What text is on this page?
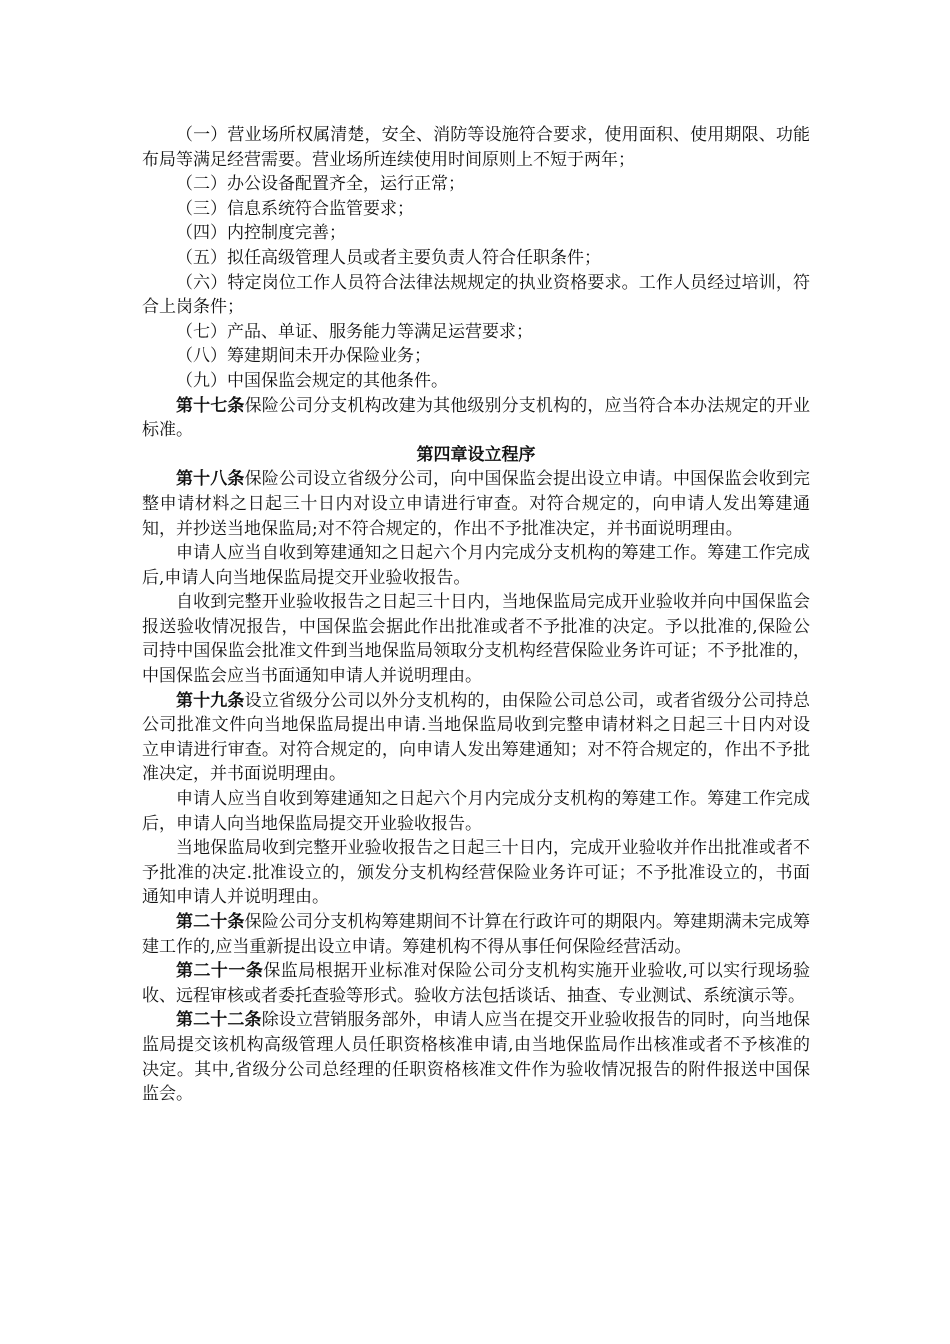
（一）营业场所权属清楚，安全、消防等设施符合要求，使用面积、使用期限、功能布局等满足经营需要。营业场所连续使用时间原则上不短于两年；

（二）办公设备配置齐全，运行正常；

（三）信息系统符合监管要求；

（四）内控制度完善；

（五）拟任高级管理人员或者主要负责人符合任职条件；

（六）特定岗位工作人员符合法律法规规定的执业资格要求。工作人员经过培训，符合上岗条件；

（七）产品、单证、服务能力等满足运营要求；

（八）筹建期间未开办保险业务；

（九）中国保监会规定的其他条件。

第十七条保险公司分支机构改建为其他级别分支机构的，应当符合本办法规定的开业标准。

第四章设立程序

第十八条保险公司设立省级分公司，向中国保监会提出设立申请。中国保监会收到完整申请材料之日起三十日内对设立申请进行审查。对符合规定的，向申请人发出筹建通知，并抄送当地保监局;对不符合规定的，作出不予批准决定，并书面说明理由。

申请人应当自收到筹建通知之日起六个月内完成分支机构的筹建工作。筹建工作完成后,申请人向当地保监局提交开业验收报告。

自收到完整开业验收报告之日起三十日内，当地保监局完成开业验收并向中国保监会报送验收情况报告，中国保监会据此作出批准或者不予批准的决定。予以批准的,保险公司持中国保监会批准文件到当地保监局领取分支机构经营保险业务许可证；不予批准的，中国保监会应当书面通知申请人并说明理由。

第十九条设立省级分公司以外分支机构的，由保险公司总公司，或者省级分公司持总公司批准文件向当地保监局提出申请.当地保监局收到完整申请材料之日起三十日内对设立申请进行审查。对符合规定的，向申请人发出筹建通知；对不符合规定的，作出不予批准决定，并书面说明理由。

申请人应当自收到筹建通知之日起六个月内完成分支机构的筹建工作。筹建工作完成后，申请人向当地保监局提交开业验收报告。

当地保监局收到完整开业验收报告之日起三十日内，完成开业验收并作出批准或者不予批准的决定.批准设立的，颁发分支机构经营保险业务许可证；不予批准设立的，书面通知申请人并说明理由。

第二十条保险公司分支机构筹建期间不计算在行政许可的期限内。筹建期满未完成筹建工作的,应当重新提出设立申请。筹建机构不得从事任何保险经营活动。

第二十一条保监局根据开业标准对保险公司分支机构实施开业验收,可以实行现场验收、远程审核或者委托查验等形式。验收方法包括谈话、抽查、专业测试、系统演示等。

第二十二条除设立营销服务部外，申请人应当在提交开业验收报告的同时，向当地保监局提交该机构高级管理人员任职资格核准申请,由当地保监局作出核准或者不予核准的决定。其中,省级分公司总经理的任职资格核准文件作为验收情况报告的附件报送中国保监会。
